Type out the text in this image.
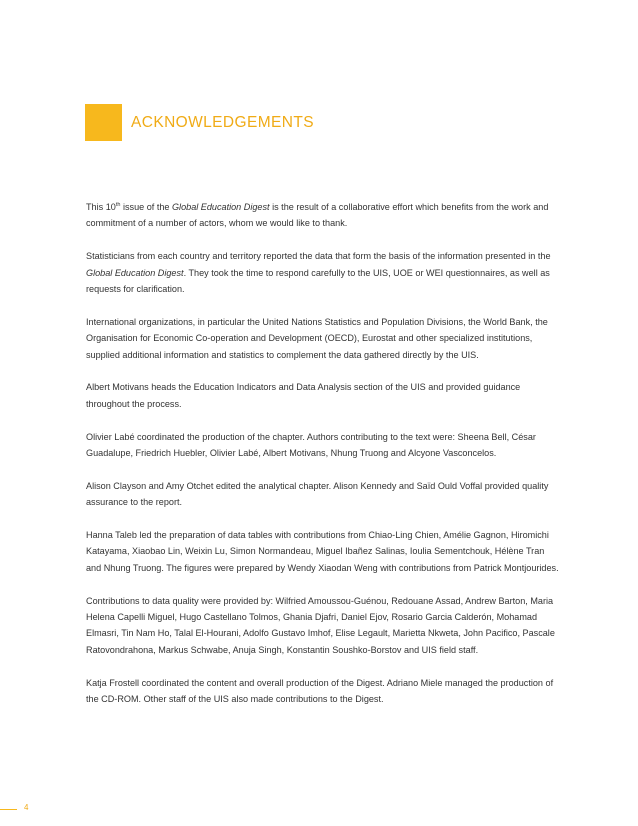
ACKNOWLEDGEMENTS

This 10th issue of the Global Education Digest is the result of a collaborative effort which benefits from the work and commitment of a number of actors, whom we would like to thank.

Statisticians from each country and territory reported the data that form the basis of the information presented in the Global Education Digest. They took the time to respond carefully to the UIS, UOE or WEI questionnaires, as well as requests for clarification.

International organizations, in particular the United Nations Statistics and Population Divisions, the World Bank, the Organisation for Economic Co-operation and Development (OECD), Eurostat and other specialized institutions, supplied additional information and statistics to complement the data gathered directly by the UIS.

Albert Motivans heads the Education Indicators and Data Analysis section of the UIS and provided guidance throughout the process.

Olivier Labé coordinated the production of the chapter. Authors contributing to the text were: Sheena Bell, César Guadalupe, Friedrich Huebler, Olivier Labé, Albert Motivans, Nhung Truong and Alcyone Vasconcelos.

Alison Clayson and Amy Otchet edited the analytical chapter. Alison Kennedy and Saïd Ould Voffal provided quality assurance to the report.

Hanna Taleb led the preparation of data tables with contributions from Chiao-Ling Chien, Amélie Gagnon, Hiromichi Katayama, Xiaobao Lin, Weixin Lu, Simon Normandeau, Miguel Ibañez Salinas, Ioulia Sementchouk, Hélène Tran and Nhung Truong. The figures were prepared by Wendy Xiaodan Weng with contributions from Patrick Montjourides.

Contributions to data quality were provided by: Wilfried Amoussou-Guénou, Redouane Assad, Andrew Barton, Maria Helena Capelli Miguel, Hugo Castellano Tolmos, Ghania Djafri, Daniel Ejov, Rosario Garcia Calderón, Mohamad Elmasri, Tin Nam Ho, Talal El-Hourani, Adolfo Gustavo Imhof, Elise Legault, Marietta Nkweta, John Pacifico, Pascale Ratovondrahona, Markus Schwabe, Anuja Singh, Konstantin Soushko-Borstov and UIS field staff.

Katja Frostell coordinated the content and overall production of the Digest. Adriano Miele managed the production of the CD-ROM. Other staff of the UIS also made contributions to the Digest.

4
